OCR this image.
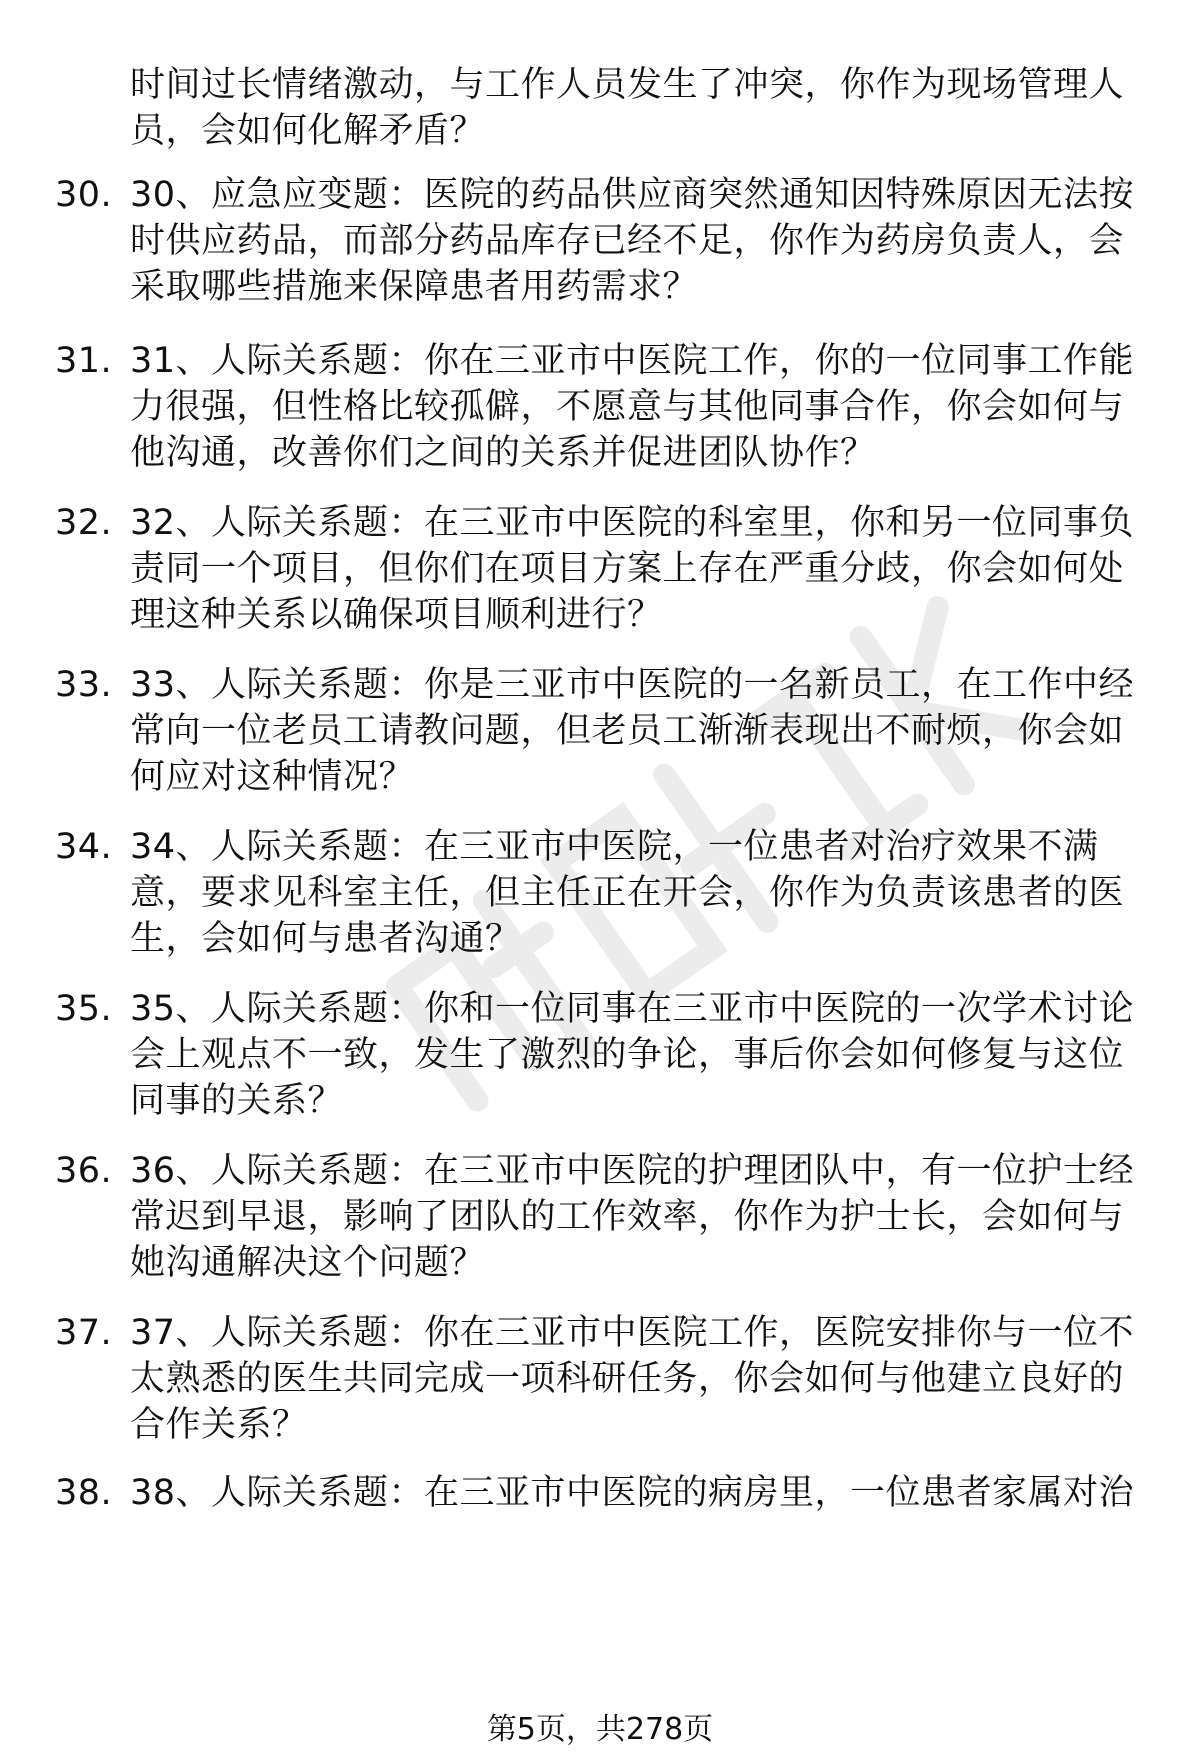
时间过长情绪激动，与工作人员发生了冲突，你作为现场管理人员，会如何化解矛盾？
30. 30、应急应变题：医院的药品供应商突然通知因特殊原因无法按时供应药品，而部分药品库存已经不足，你作为药房负责人，会采取哪些措施来保障患者用药需求？
31. 31、人际关系题：你在三亚市中医院工作，你的一位同事工作能力很强，但性格比较孤僻，不愿意与其他同事合作，你会如何与他沟通，改善你们之间的关系并促进团队协作？
32. 32、人际关系题：在三亚市中医院的科室里，你和另一位同事负责同一个项目，但你们在项目方案上存在严重分歧，你会如何处理这种关系以确保项目顺利进行？
33. 33、人际关系题：你是三亚市中医院的一名新员工，在工作中经常向一位老员工请教问题，但老员工渐渐表现出不耐烦，你会如何应对这种情况？
34. 34、人际关系题：在三亚市中医院，一位患者对治疗效果不满意，要求见科室主任，但主任正在开会，你作为负责该患者的医生，会如何与患者沟通？
35. 35、人际关系题：你和一位同事在三亚市中医院的一次学术讨论会上观点不一致，发生了激烈的争论，事后你会如何修复与这位同事的关系？
36. 36、人际关系题：在三亚市中医院的护理团队中，有一位护士经常迟到早退，影响了团队的工作效率，你作为护士长，会如何与她沟通解决这个问题？
37. 37、人际关系题：你在三亚市中医院工作，医院安排你与一位不太熟悉的医生共同完成一项科研任务，你会如何与他建立良好的合作关系？
38. 38、人际关系题：在三亚市中医院的病房里，一位患者家属对治
第5页，共278页
